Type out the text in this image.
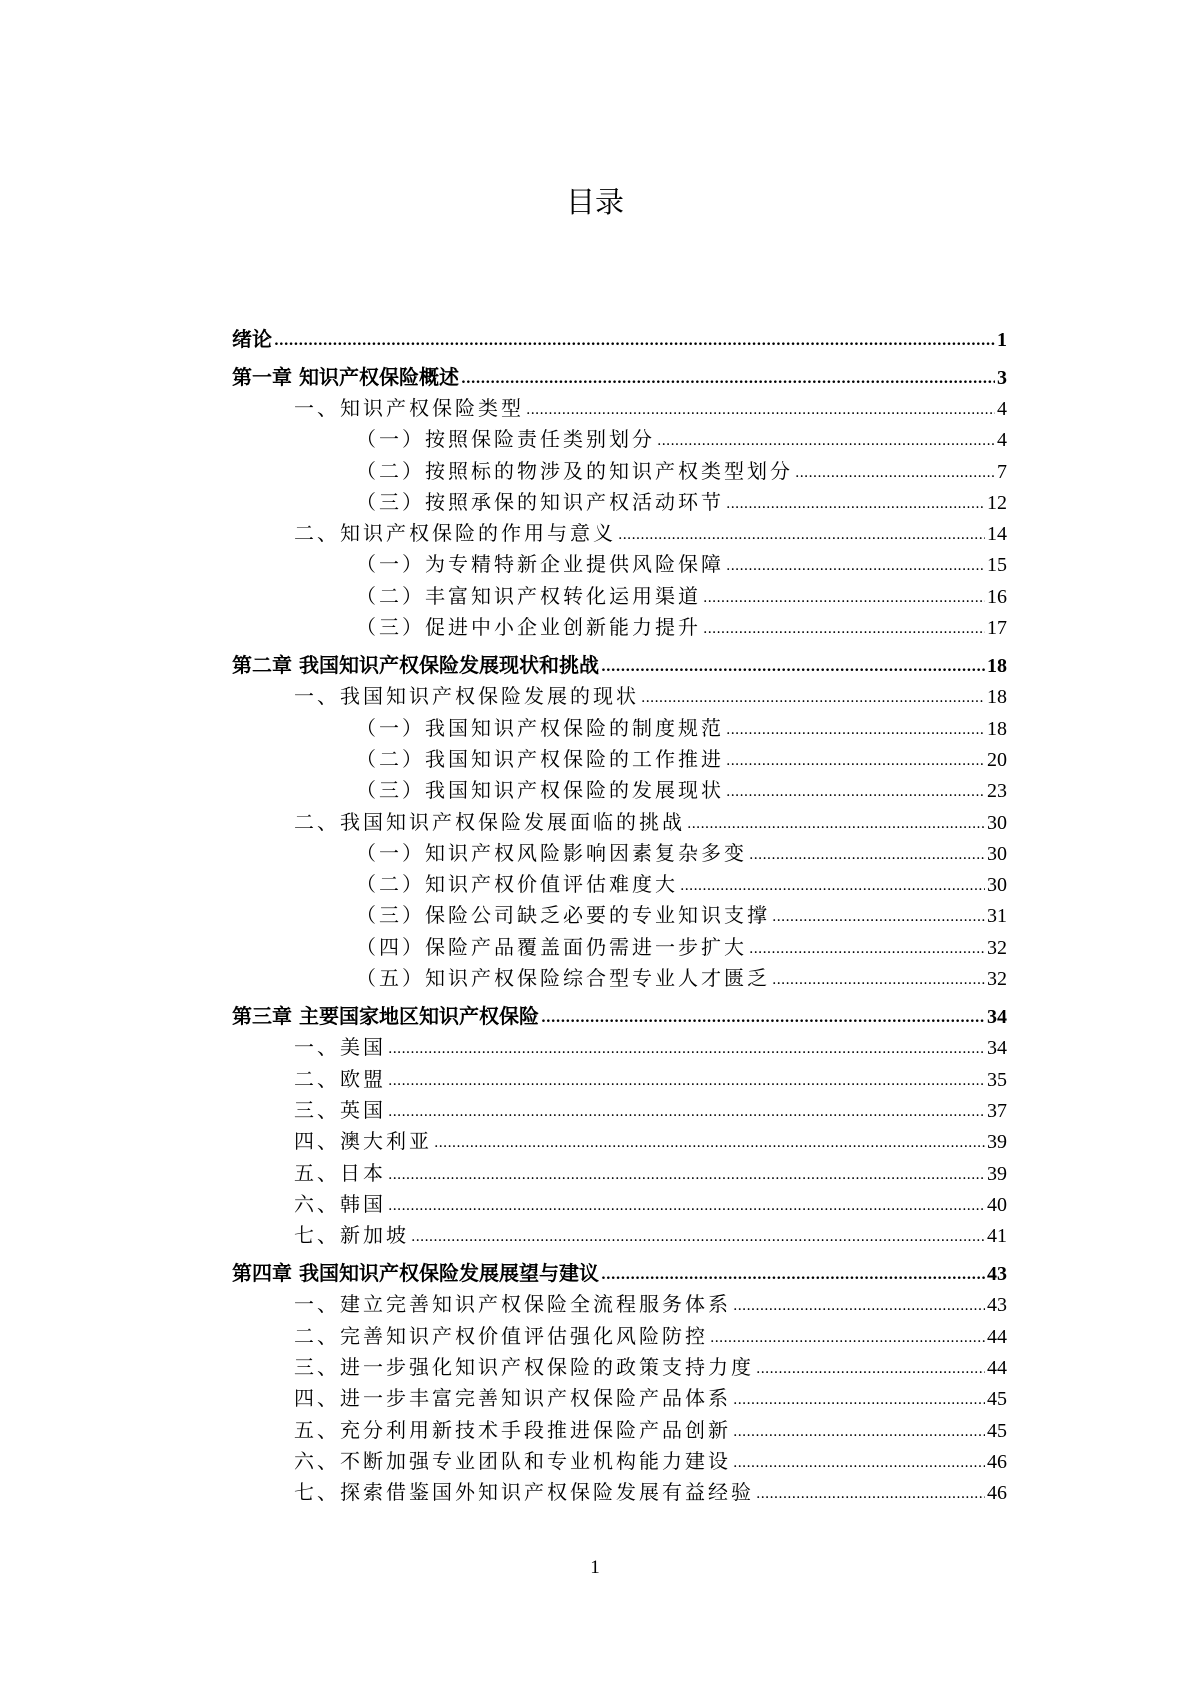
目录
绪论 .....	1
第一章 知识产权保险概述 .....	3
一、知识产权保险类型 .....	4
（一）按照保险责任类别划分 .....	4
（二）按照标的物涉及的知识产权类型划分 .....	7
（三）按照承保的知识产权活动环节 .....	12
二、知识产权保险的作用与意义 .....	14
（一）为专精特新企业提供风险保障 .....	15
（二）丰富知识产权转化运用渠道 .....	16
（三）促进中小企业创新能力提升 .....	17
第二章 我国知识产权保险发展现状和挑战 .....	18
一、我国知识产权保险发展的现状 .....	18
（一）我国知识产权保险的制度规范 .....	18
（二）我国知识产权保险的工作推进 .....	20
（三）我国知识产权保险的发展现状 .....	23
二、我国知识产权保险发展面临的挑战 .....	30
（一）知识产权风险影响因素复杂多变 .....	30
（二）知识产权价值评估难度大 .....	30
（三）保险公司缺乏必要的专业知识支撑 .....	31
（四）保险产品覆盖面仍需进一步扩大 .....	32
（五）知识产权保险综合型专业人才匮乏 .....	32
第三章 主要国家地区知识产权保险 .....	34
一、美国 .....	34
二、欧盟 .....	35
三、英国 .....	37
四、澳大利亚 .....	39
五、日本 .....	39
六、韩国 .....	40
七、新加坡 .....	41
第四章 我国知识产权保险发展展望与建议 .....	43
一、建立完善知识产权保险全流程服务体系 .....	43
二、完善知识产权价值评估强化风险防控 .....	44
三、进一步强化知识产权保险的政策支持力度 .....	44
四、进一步丰富完善知识产权保险产品体系 .....	45
五、充分利用新技术手段推进保险产品创新 .....	45
六、不断加强专业团队和专业机构能力建设 .....	46
七、探索借鉴国外知识产权保险发展有益经验 .....	46
1
